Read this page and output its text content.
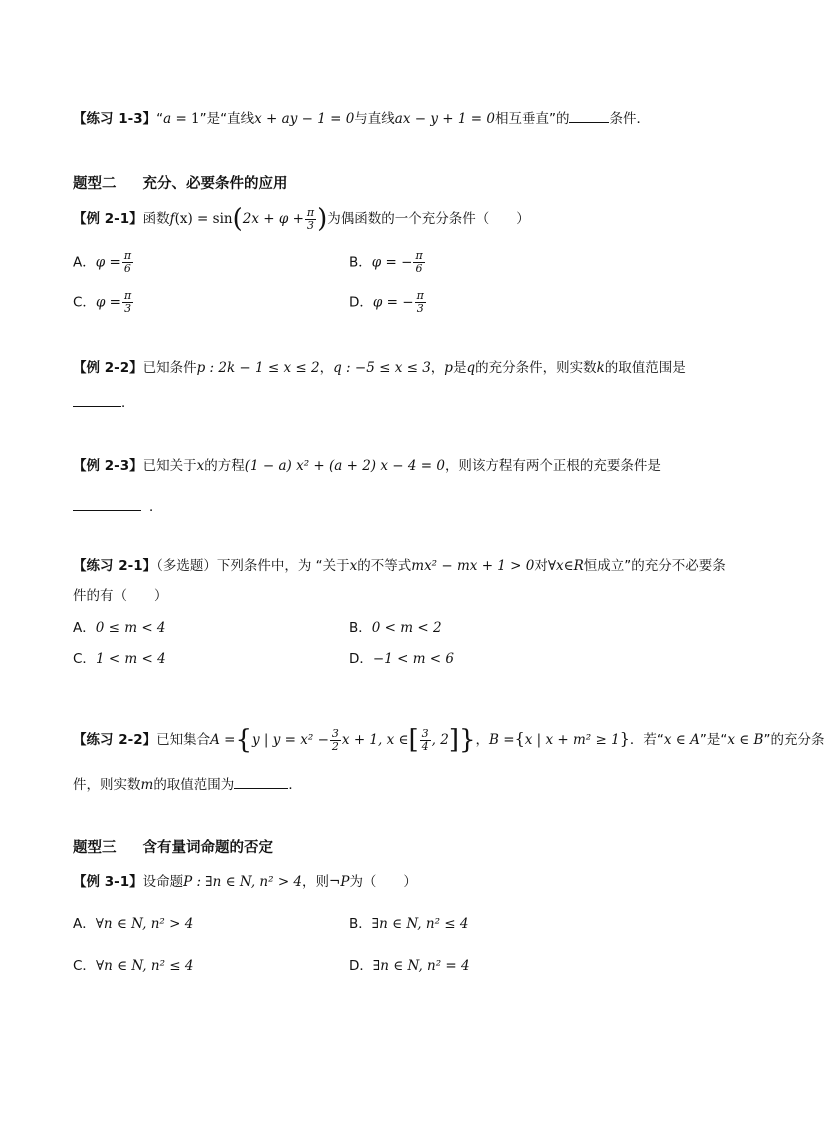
【练习 1-3】“a = 1”是“直线x + ay − 1 = 0与直线ax − y + 1 = 0相互垂直”的	条件．
题型二 充分、必要条件的应用
【例 2-1】函数$f(x) = \sin(2x + \varphi + \frac{\pi}{3}$ )为偶函数的一个充分条件（　　）
A．$\varphi = \frac{\pi}{6}$	B．φ = − $\frac{\pi}{6}$
C．$\varphi = \frac{\pi}{3}$	D．φ = − $\frac{\pi}{3}$
【例 2-2】已知条件p : 2k − 1 ≤ x ≤ 2，q : −5 ≤ x ≤ 3，p是q的充分条件，则实数k的取值范围是
．
【例 2-3】已知关于x的方程(1 − a) x² + (a + 2) x − 4 = 0，则该方程有两个正根的充要条件是
．
【练习 2-1】（多选题）下列条件中，为 “关于x的不等式mx² − mx + 1 > 0对∀x∈R恒成立”的充分不必要条
件的有（　　）
A．0 ≤ m < 4	B．0 < m < 2
C．1 < m < 4	D．−1 < m < 6
【练习 2-2】已知集合A ={y | $y = x^2 - \frac{3}{2}$ x + 1, x ∈[ $\frac{3}{4}$ , 2]}，B ={x | x + m² ≥ 1}．若“x ∈ A”是“x ∈ B”的充分条
件，则实数m的取值范围为	．
题型三 含有量词命题的否定
【例 3-1】设命题P : ∃n ∈ N, n² > 4，则¬P为（　　）
A．∀n ∈ N, n² > 4	B．∃n ∈ N, n² ≤ 4
C．∀n ∈ N, n² ≤ 4	D．∃n ∈ N, n² = 4
